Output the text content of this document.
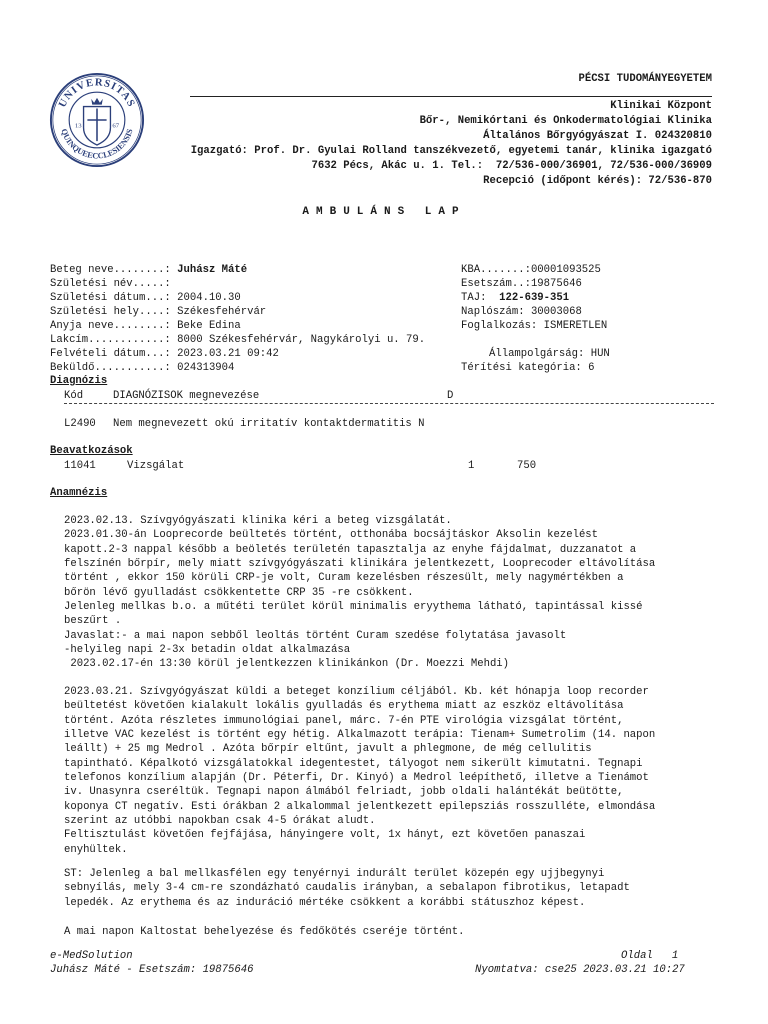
UNIVERSITAS
QUINQUEECCLESIENSIS
13	67
PÉCSI TUDOMÁNYEGYETEM
Klinikai Központ
Bőr-, Nemikórtani és Onkodermatológiai Klinika
Általános Bőrgyógyászat I. 024320810
Igazgató: Prof. Dr. Gyulai Rolland tanszékvezető, egyetemi tanár, klinika igazgató
7632 Pécs, Akác u. 1. Tel.:  72/536-000/36901, 72/536-000/36909
Recepció (időpont kérés): 72/536-870
AMBULÁNS LAP
Beteg neve........: Juhász Máté
Születési név.....:
Születési dátum...: 2004.10.30
Születési hely....: Székesfehérvár
Anyja neve........: Beke Edina
Lakcím............: 8000 Székesfehérvár, Nagykárolyi u. 79.
Felvételi dátum...: 2023.03.21 09:42
Beküldő...........: 024313904
KBA.......:00001093525
Esetszám..:19875646
TAJ: 122-639-351
Naplószám: 30003068
Foglalkozás: ISMERETLEN
Állampolgárság: HUN
Térítési kategória: 6
Diagnózis
Kód	DIAGNÓZISOK megnevezése	D
L2490 Nem megnevezett okú irritatív kontaktdermatitis N
Beavatkozások
11041	Vizsgálat	1	750
Anamnézis
2023.02.13. Szívgyógyászati klinika kéri a beteg vizsgálatát.
2023.01.30-án Looprecorde beültetés történt, otthonába bocsájtáskor Aksolin kezelést
kapott.2-3 nappal később a beöletés területén tapasztalja az enyhe fájdalmat, duzzanatot a
felszínén bőrpír, mely miatt szívgyógyászati klinikára jelentkezett, Looprecoder eltávolítása
történt , ekkor 150 körüli CRP-je volt, Curam kezelésben részesült, mely nagymértékben a
bőrön lévő gyulladást csökkentette CRP 35 -re csökkent.
Jelenleg mellkas b.o. a műtéti terület körül minimalis eryythema látható, tapintással kissé
beszűrt .
Javaslat:- a mai napon sebből leoltás történt Curam szedése folytatása javasolt
-helyileg napi 2-3x betadin oldat alkalmazása
2023.02.17-én 13:30 körül jelentkezzen klinikánkon (Dr. Moezzi Mehdi)
2023.03.21. Szívgyógyászat küldi a beteget konzílium céljából. Kb. két hónapja loop recorder
beültetést követően kialakult lokális gyulladás és erythema miatt az eszköz eltávolítása
történt. Azóta részletes immunológiai panel, márc. 7-én PTE virológia vizsgálat történt,
illetve VAC kezelést is történt egy hétig. Alkalmazott terápia: Tienam+ Sumetrolim (14. napon
leállt) + 25 mg Medrol . Azóta bőrpír eltűnt, javult a phlegmone, de még cellulitis
tapintható. Képalkotó vizsgálatokkal idegentestet, tályogot nem sikerült kimutatni. Tegnapi
telefonos konzílium alapján (Dr. Péterfi, Dr. Kinyó) a Medrol leépíthető, illetve a Tienámot
iv. Unasynra cseréltük. Tegnapi napon álmából felriadt, jobb oldali halántékát beütötte,
koponya CT negatív. Esti órákban 2 alkalommal jelentkezett epilepsziás rosszulléte, elmondása
szerint az utóbbi napokban csak 4-5 órákat aludt.
Feltisztulást követően fejfájása, hányingere volt, 1x hányt, ezt követően panaszai
enyhültek.
ST: Jelenleg a bal mellkasfélen egy tenyérnyi indurált terület közepén egy ujjbegynyi
sebnyílás, mely 3-4 cm-re szondázható caudalis irányban, a sebalapon fibrotikus, letapadt
lepedék. Az erythema és az induráció mértéke csökkent a korábbi státuszhoz képest.
A mai napon Kaltostat behelyezése és fedőkötés cseréje történt.
e-MedSolution
Juhász Máté - Esetszám: 19875646
Oldal   1
Nyomtatva: cse25 2023.03.21 10:27
